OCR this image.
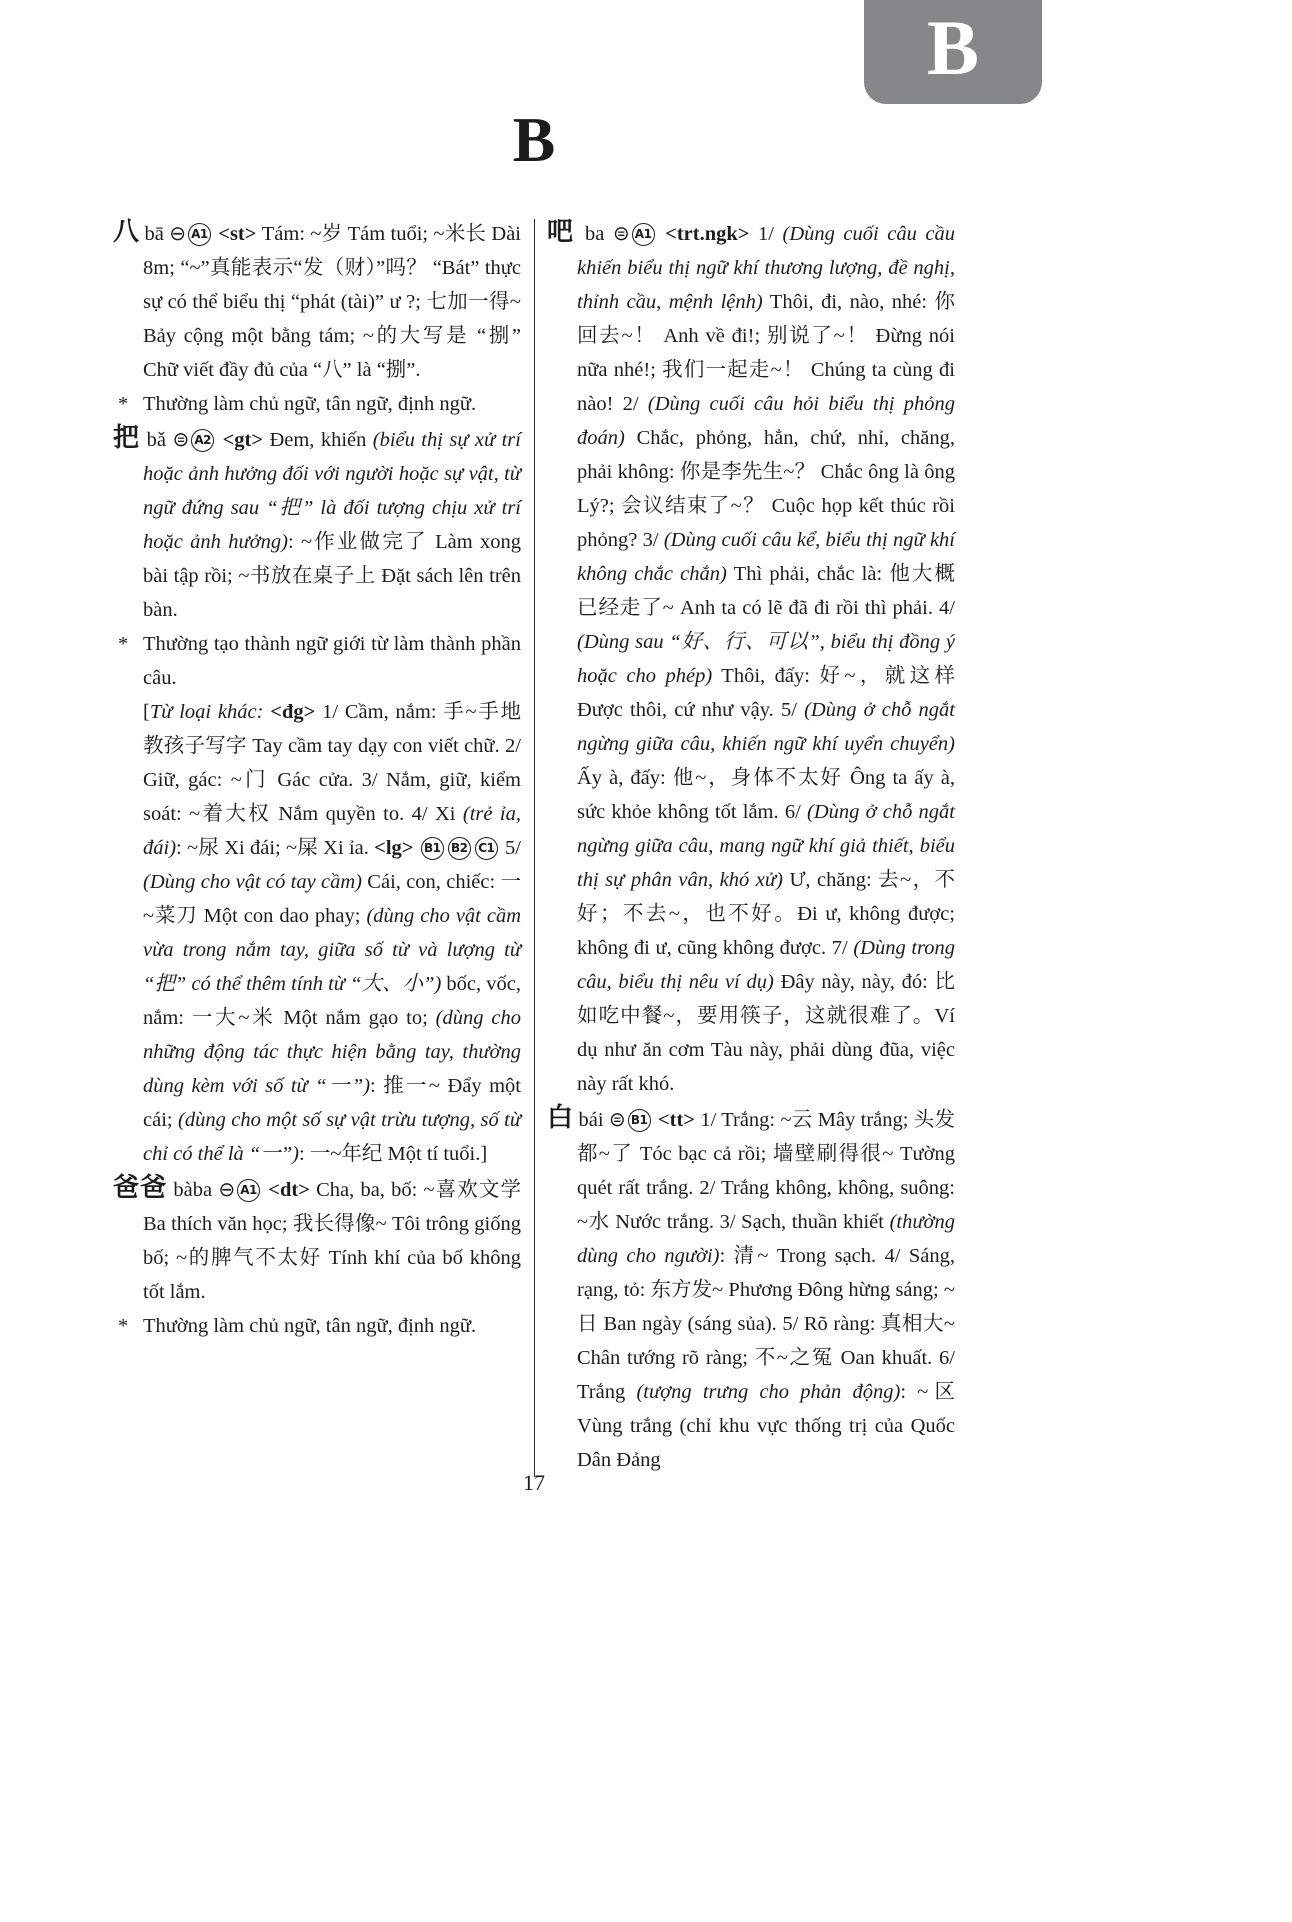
B
B

八 bā ⊖ A1 <st> Tám: ~岁 Tám tuổi; ~米长 Dài 8m; “~”真能表示“发（财）”吗？ “Bát” thực sự có thể biểu thị “phát (tài)” ư ?; 七加一得~ Bảy cộng một bằng tám; ~的大写是 “捌” Chữ viết đầy đủ của “八” là “捌”.

* Thường làm chủ ngữ, tân ngữ, định ngữ.

把 bǎ ⊜ A2 <gt> Đem, khiến (biểu thị sự xử trí hoặc ảnh hưởng đối với người hoặc sự vật, từ ngữ đứng sau “把” là đối tượng chịu xử trí hoặc ảnh hưởng): ~作业做完了 Làm xong bài tập rồi; ~书放在桌子上 Đặt sách lên trên bàn.

* Thường tạo thành ngữ giới từ làm thành phần câu.

[Từ loại khác: <đg> 1/ Cầm, nắm: 手~手地教孩子写字 Tay cầm tay dạy con viết chữ. 2/ Giữ, gác: ~门 Gác cửa. 3/ Nắm, giữ, kiểm soát: ~着大权 Nắm quyền to. 4/ Xi (trẻ ỉa, đái): ~尿 Xi đái; ~屎 Xi ỉa. <lg> B1 B2 C1 5/ (Dùng cho vật có tay cầm) Cái, con, chiếc: 一~菜刀 Một con dao phay; (dùng cho vật cầm vừa trong nắm tay, giữa số từ và lượng từ “把” có thể thêm tính từ “大、小”) bốc, vốc, nắm: 一大~米 Một nắm gạo to; (dùng cho những động tác thực hiện bằng tay, thường dùng kèm với số từ “一”): 推一~ Đẩy một cái; (dùng cho một số sự vật trừu tượng, số từ chỉ có thể là “一”): 一~年纪 Một tí tuổi.]

爸爸 bàba ⊖ A1 <dt> Cha, ba, bố: ~喜欢文学 Ba thích văn học; 我长得像~ Tôi trông giống bố; ~的脾气不太好 Tính khí của bố không tốt lắm.

* Thường làm chủ ngữ, tân ngữ, định ngữ.

吧 ba ⊜ A1 <trt.ngk> 1/ (Dùng cuối câu cầu khiến biểu thị ngữ khí thương lượng, đề nghị, thỉnh cầu, mệnh lệnh) Thôi, đi, nào, nhé: 你回去~！ Anh về đi!; 别说了~！ Đừng nói nữa nhé!; 我们一起走~！ Chúng ta cùng đi nào! 2/ (Dùng cuối câu hỏi biểu thị phỏng đoán) Chắc, phỏng, hẳn, chứ, nhỉ, chăng, phải không: 你是李先生~？ Chắc ông là ông Lý?; 会议结束了~？ Cuộc họp kết thúc rồi phỏng? 3/ (Dùng cuối câu kể, biểu thị ngữ khí không chắc chắn) Thì phải, chắc là: 他大概已经走了~ Anh ta có lẽ đã đi rồi thì phải. 4/ (Dùng sau “好、行、可以”, biểu thị đồng ý hoặc cho phép) Thôi, đấy: 好~，就这样 Được thôi, cứ như vậy. 5/ (Dùng ở chỗ ngắt ngừng giữa câu, khiến ngữ khí uyển chuyển) Ấy à, đấy: 他~，身体不太好 Ông ta ấy à, sức khỏe không tốt lắm. 6/ (Dùng ở chỗ ngắt ngừng giữa câu, mang ngữ khí giả thiết, biểu thị sự phân vân, khó xử) Ư, chăng: 去~，不好；不去~，也不好。Đi ư, không được; không đi ư, cũng không được. 7/ (Dùng trong câu, biểu thị nêu ví dụ) Đây này, này, đó: 比如吃中餐~，要用筷子，这就很难了。Ví dụ như ăn cơm Tàu này, phải dùng đũa, việc này rất khó.

白 bái ⊜ B1 <tt> 1/ Trắng: ~云 Mây trắng; 头发都~了 Tóc bạc cả rồi; 墙壁刷得很~ Tường quét rất trắng. 2/ Trắng không, không, suông: ~水 Nước trắng. 3/ Sạch, thuần khiết (thường dùng cho người): 清~ Trong sạch. 4/ Sáng, rạng, tỏ: 东方发~ Phương Đông hừng sáng; ~日 Ban ngày (sáng sủa). 5/ Rõ ràng: 真相大~ Chân tướng rõ ràng; 不~之冤 Oan khuất. 6/ Trắng (tượng trưng cho phản động): ~区 Vùng trắng (chỉ khu vực thống trị của Quốc Dân Đảng

17
